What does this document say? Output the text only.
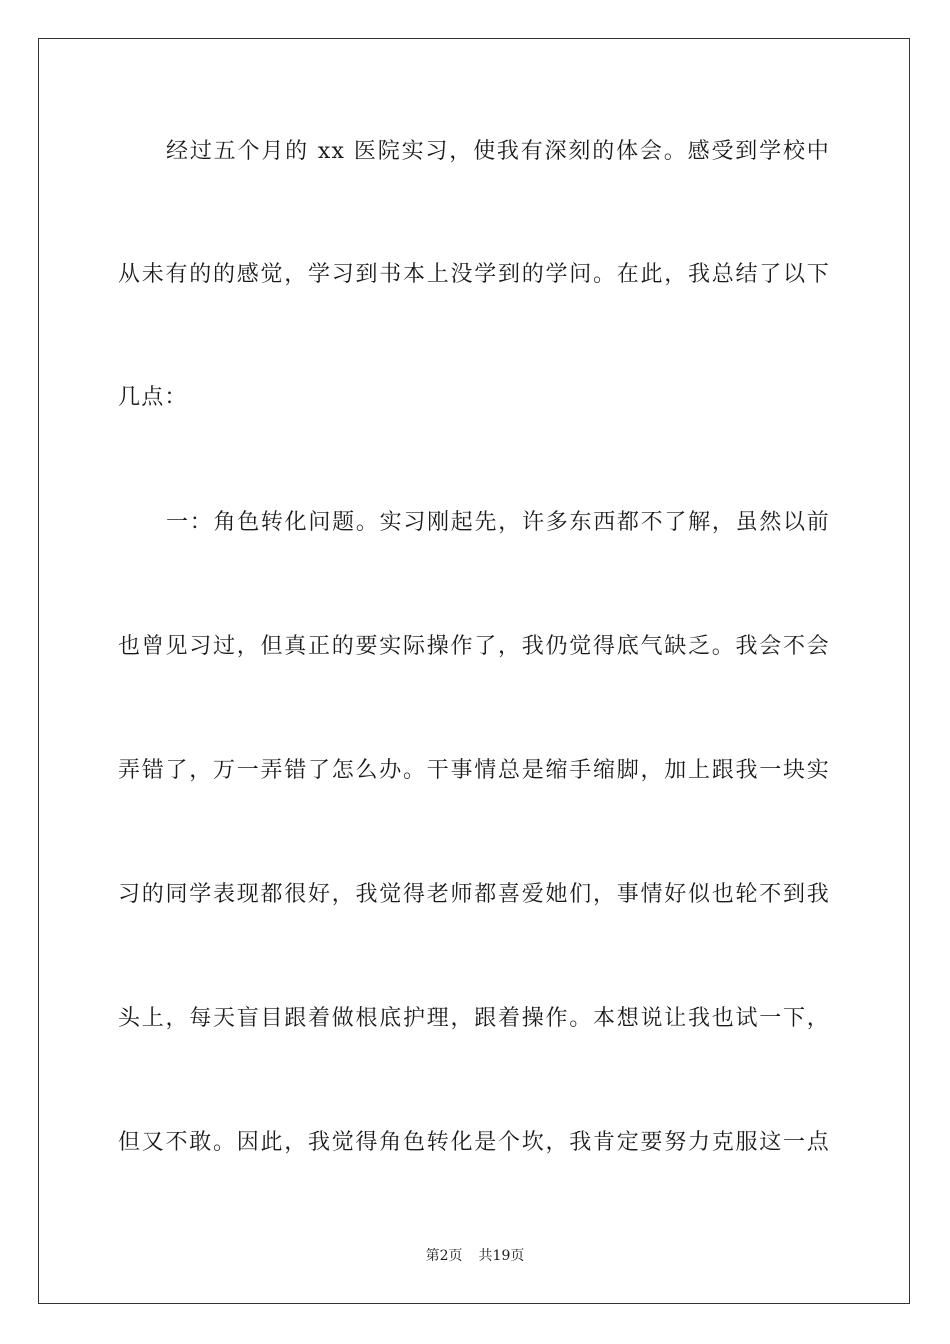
经过五个月的 xx 医院实习，使我有深刻的体会。感受到学校中
从未有的的感觉，学习到书本上没学到的学问。在此，我总结了以下
几点：
一：角色转化问题。实习刚起先，许多东西都不了解，虽然以前
也曾见习过，但真正的要实际操作了，我仍觉得底气缺乏。我会不会
弄错了，万一弄错了怎么办。干事情总是缩手缩脚，加上跟我一块实
习的同学表现都很好，我觉得老师都喜爱她们，事情好似也轮不到我
头上，每天盲目跟着做根底护理，跟着操作。本想说让我也试一下，
但又不敢。因此，我觉得角色转化是个坎，我肯定要努力克服这一点
第2页 共19页
